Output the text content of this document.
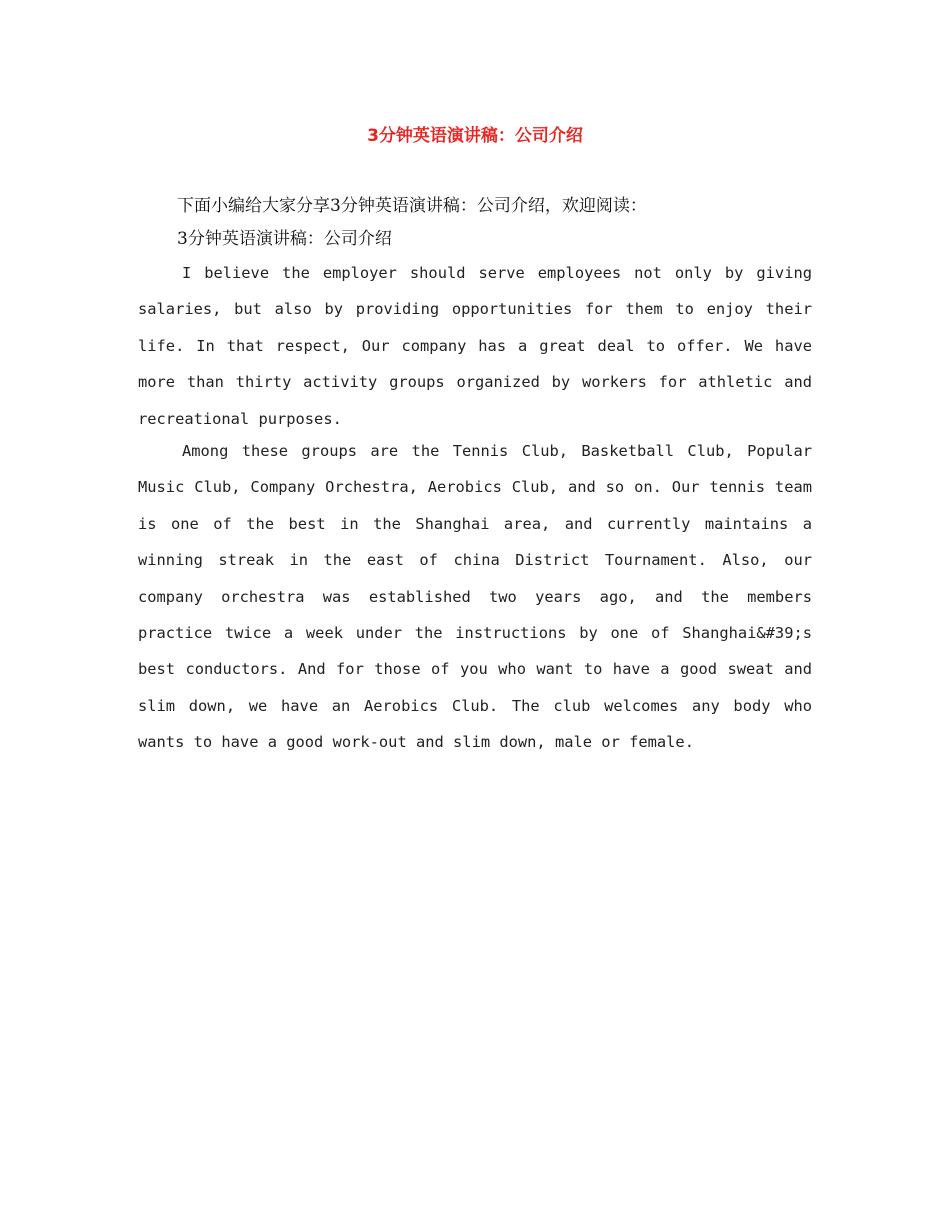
3分钟英语演讲稿：公司介绍
下面小编给大家分享3分钟英语演讲稿：公司介绍，欢迎阅读：
3分钟英语演讲稿：公司介绍

I believe the employer should serve employees not only by giving salaries, but also by providing opportunities for them to enjoy their life. In that respect, Our company has a great deal to offer. We have more than thirty activity groups organized by workers for athletic and recreational purposes.

Among these groups are the Tennis Club, Basketball Club, Popular Music Club, Company Orchestra, Aerobics Club, and so on. Our tennis team is one of the best in the Shanghai area, and currently maintains a winning streak in the east of china District Tournament. Also, our company orchestra was established two years ago, and the members practice twice a week under the instructions by one of Shanghai&#39;s best conductors. And for those of you who want to have a good sweat and slim down, we have an Aerobics Club. The club welcomes any body who wants to have a good work-out and slim down, male or female.
